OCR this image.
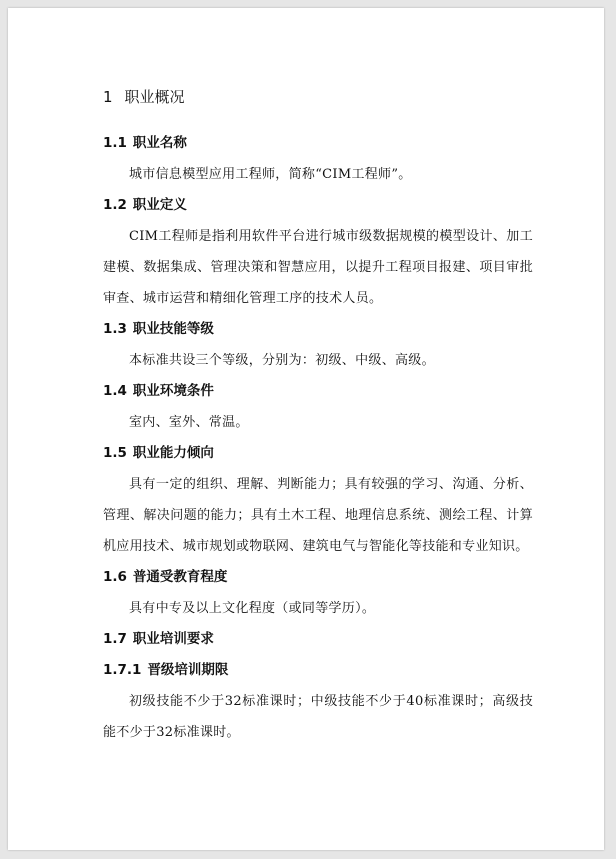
1 职业概况
1.1 职业名称

城市信息模型应用工程师，简称“CIM工程师”。

1.2 职业定义

CIM工程师是指利用软件平台进行城市级数据规模的模型设计、加工建模、数据集成、管理决策和智慧应用，以提升工程项目报建、项目审批审查、城市运营和精细化管理工序的技术人员。

1.3 职业技能等级

本标准共设三个等级，分别为：初级、中级、高级。

1.4 职业环境条件

室内、室外、常温。

1.5 职业能力倾向

具有一定的组织、理解、判断能力；具有较强的学习、沟通、分析、管理、解决问题的能力；具有土木工程、地理信息系统、测绘工程、计算机应用技术、城市规划或物联网、建筑电气与智能化等技能和专业知识。

1.6 普通受教育程度

具有中专及以上文化程度（或同等学历）。

1.7 职业培训要求
1.7.1 晋级培训期限

初级技能不少于32标准课时；中级技能不少于40标准课时；高级技能不少于32标准课时。
